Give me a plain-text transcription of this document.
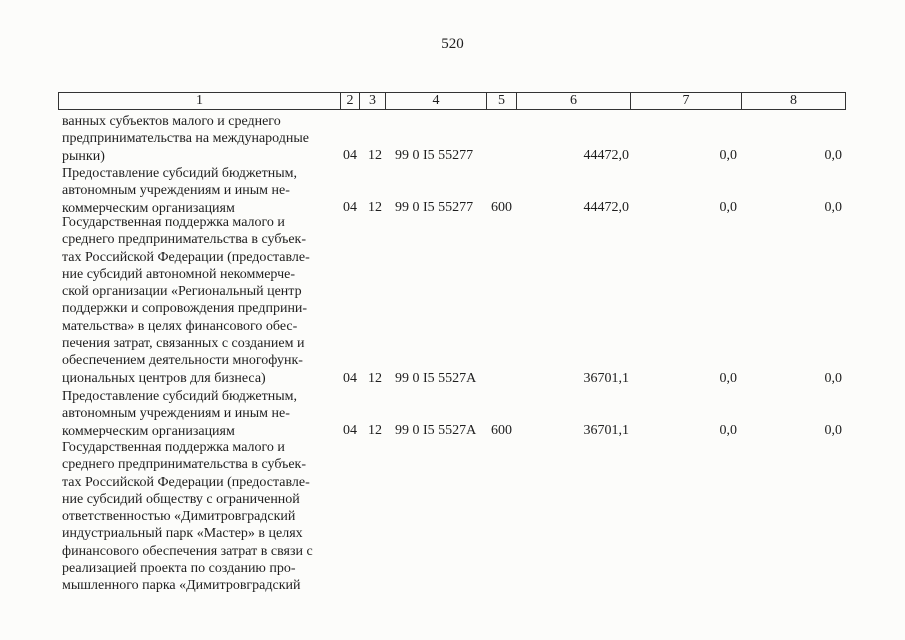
520
1	2	3	4	5	6	7	8
ванных субъектов малого и среднего
предпринимательства на международные
рынки)	04 12 99 0 I5 55277	44472,0	0,0	0,0
Предоставление субсидий бюджетным,
автономным учреждениям и иным не-
коммерческим организациям	04 12 99 0 I5 55277 600	44472,0	0,0	0,0
Государственная поддержка малого и
среднего предпринимательства в субъек-
тах Российской Федерации (предоставле-
ние субсидий автономной некоммерче-
ской организации «Региональный центр
поддержки и сопровождения предприни-
мательства» в целях финансового обес-
печения затрат, связанных с созданием и
обеспечением деятельности многофунк-
циональных центров для бизнеса)	04 12 99 0 I5 5527А	36701,1	0,0	0,0
Предоставление субсидий бюджетным,
автономным учреждениям и иным не-
коммерческим организациям	04 12 99 0 I5 5527А 600	36701,1	0,0	0,0
Государственная поддержка малого и
среднего предпринимательства в субъек-
тах Российской Федерации (предоставле-
ние субсидий обществу с ограниченной
ответственностью «Димитровградский
индустриальный парк «Мастер» в целях
финансового обеспечения затрат в связи с
реализацией проекта по созданию про-
мышленного парка «Димитровградский
